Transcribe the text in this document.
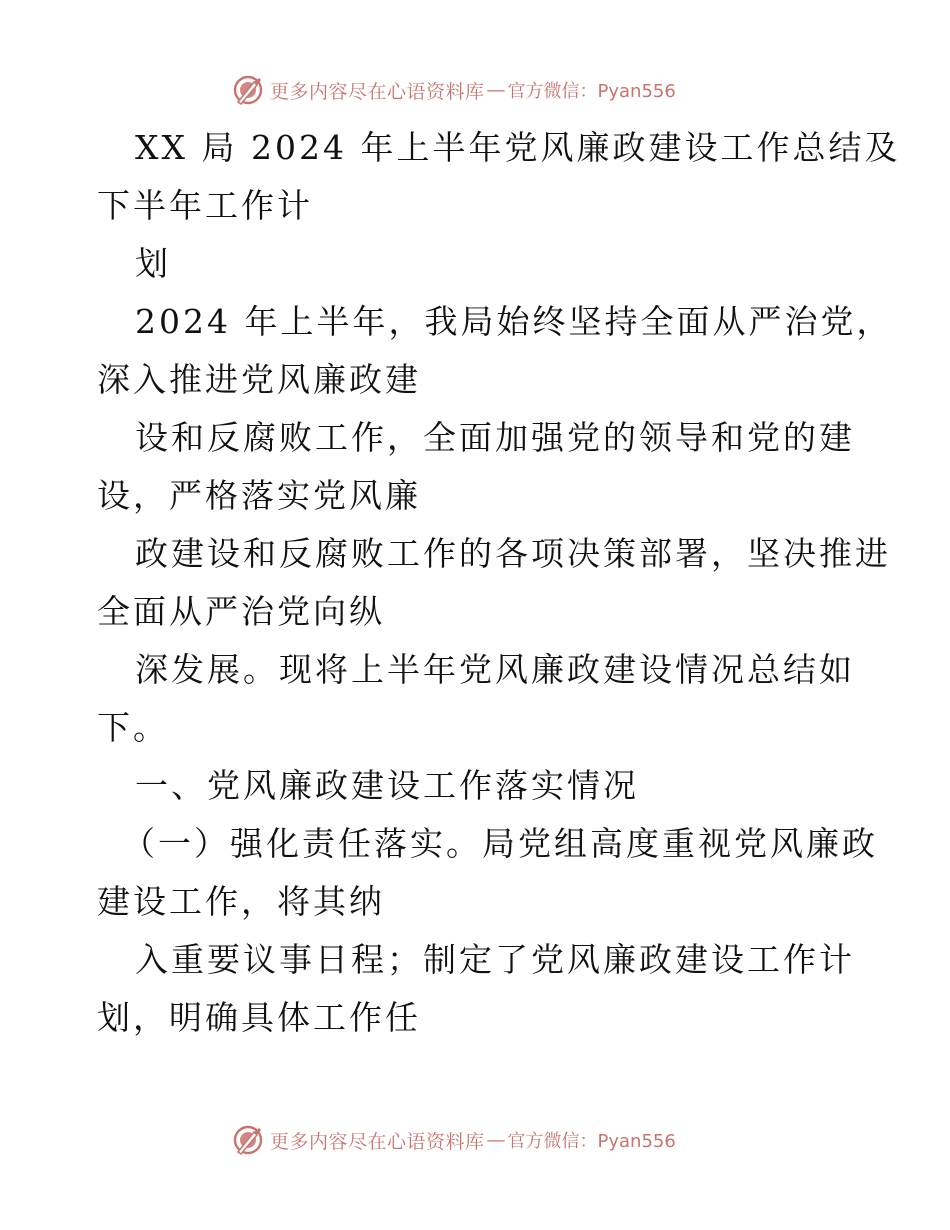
更多内容尽在心语资料库 — 官方微信：Pyan556
XX 局 2024 年上半年党风廉政建设工作总结及
下半年工作计
划
2024 年上半年，我局始终坚持全面从严治党，
深入推进党风廉政建
设和反腐败工作，全面加强党的领导和党的建
设，严格落实党风廉
政建设和反腐败工作的各项决策部署，坚决推进
全面从严治党向纵
深发展。现将上半年党风廉政建设情况总结如
下。
一、党风廉政建设工作落实情况
（一）强化责任落实。局党组高度重视党风廉政
建设工作，将其纳
入重要议事日程；制定了党风廉政建设工作计
划，明确具体工作任
更多内容尽在心语资料库 — 官方微信：Pyan556
